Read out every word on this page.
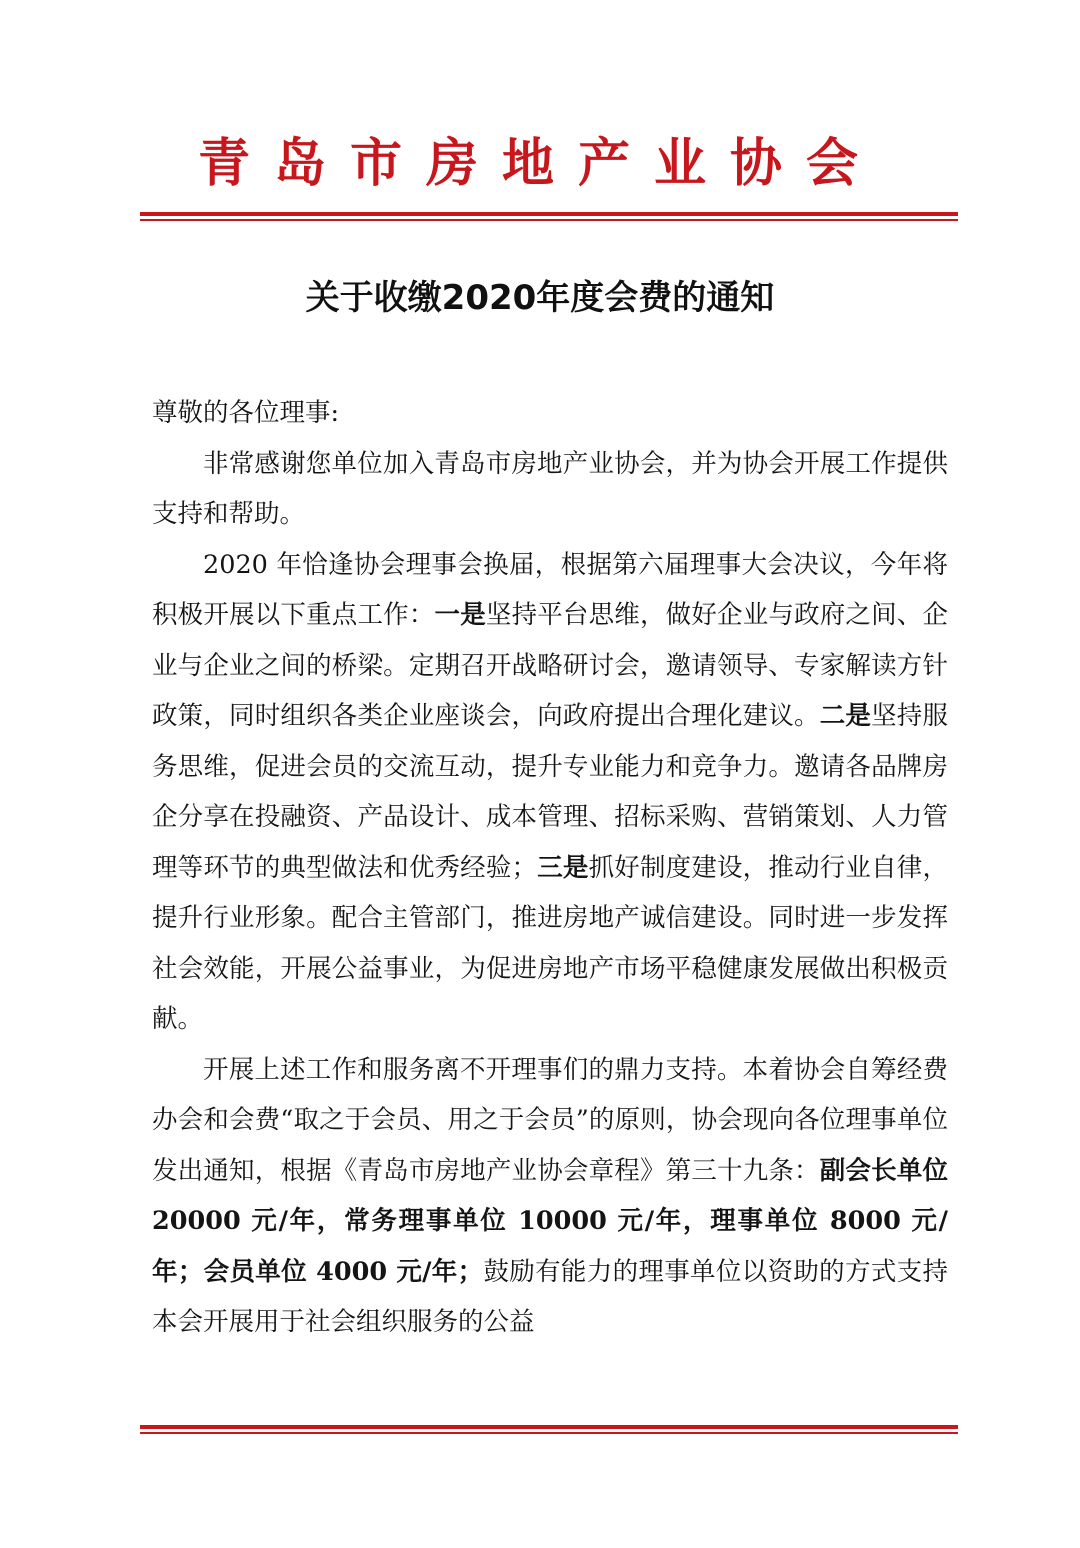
青岛市房地产业协会
关于收缴2020年度会费的通知

尊敬的各位理事:

非常感谢您单位加入青岛市房地产业协会，并为协会开展工作提供支持和帮助。

2020 年恰逢协会理事会换届，根据第六届理事大会决议，今年将积极开展以下重点工作：一是坚持平台思维，做好企业与政府之间、企业与企业之间的桥梁。定期召开战略研讨会，邀请领导、专家解读方针政策，同时组织各类企业座谈会，向政府提出合理化建议。二是坚持服务思维，促进会员的交流互动，提升专业能力和竞争力。邀请各品牌房企分享在投融资、产品设计、成本管理、招标采购、营销策划、人力管理等环节的典型做法和优秀经验；三是抓好制度建设，推动行业自律，提升行业形象。配合主管部门，推进房地产诚信建设。同时进一步发挥社会效能，开展公益事业，为促进房地产市场平稳健康发展做出积极贡献。

开展上述工作和服务离不开理事们的鼎力支持。本着协会自筹经费办会和会费“取之于会员、用之于会员”的原则，协会现向各位理事单位发出通知，根据《青岛市房地产业协会章程》第三十九条：副会长单位 20000 元/年，常务理事单位 10000 元/年，理事单位 8000 元/年；会员单位 4000 元/年；鼓励有能力的理事单位以资助的方式支持本会开展用于社会组织服务的公益
